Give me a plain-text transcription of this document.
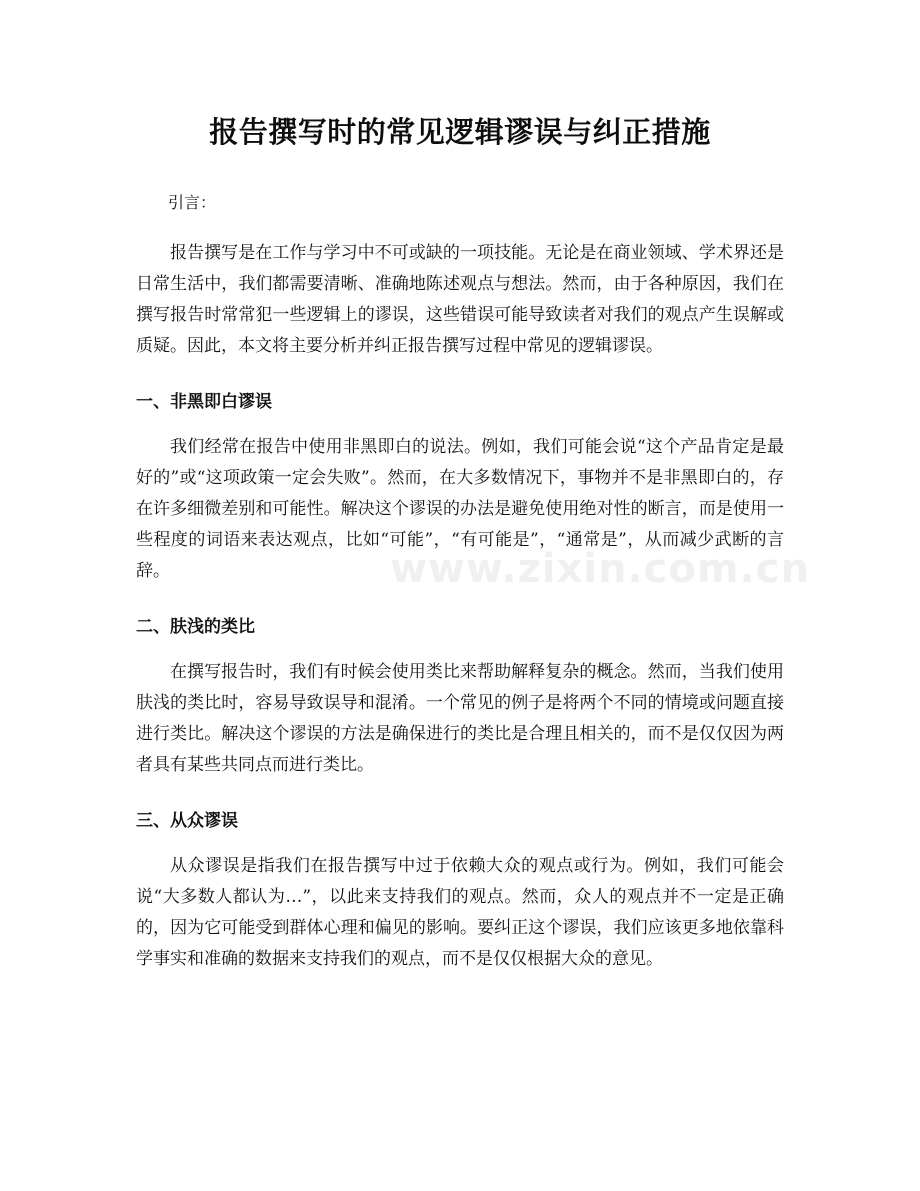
www.zixin.com.cn
报告撰写时的常见逻辑谬误与纠正措施
引言：

报告撰写是在工作与学习中不可或缺的一项技能。无论是在商业领域、学术界还是日常生活中，我们都需要清晰、准确地陈述观点与想法。然而，由于各种原因，我们在撰写报告时常常犯一些逻辑上的谬误，这些错误可能导致读者对我们的观点产生误解或质疑。因此，本文将主要分析并纠正报告撰写过程中常见的逻辑谬误。

一、非黑即白谬误

我们经常在报告中使用非黑即白的说法。例如，我们可能会说“这个产品肯定是最好的”或“这项政策一定会失败”。然而，在大多数情况下，事物并不是非黑即白的，存在许多细微差别和可能性。解决这个谬误的办法是避免使用绝对性的断言，而是使用一些程度的词语来表达观点，比如“可能”，“有可能是”，“通常是”，从而减少武断的言辞。

二、肤浅的类比

在撰写报告时，我们有时候会使用类比来帮助解释复杂的概念。然而，当我们使用肤浅的类比时，容易导致误导和混淆。一个常见的例子是将两个不同的情境或问题直接进行类比。解决这个谬误的方法是确保进行的类比是合理且相关的，而不是仅仅因为两者具有某些共同点而进行类比。

三、从众谬误

从众谬误是指我们在报告撰写中过于依赖大众的观点或行为。例如，我们可能会说“大多数人都认为…”，以此来支持我们的观点。然而，众人的观点并不一定是正确的，因为它可能受到群体心理和偏见的影响。要纠正这个谬误，我们应该更多地依靠科学事实和准确的数据来支持我们的观点，而不是仅仅根据大众的意见。
